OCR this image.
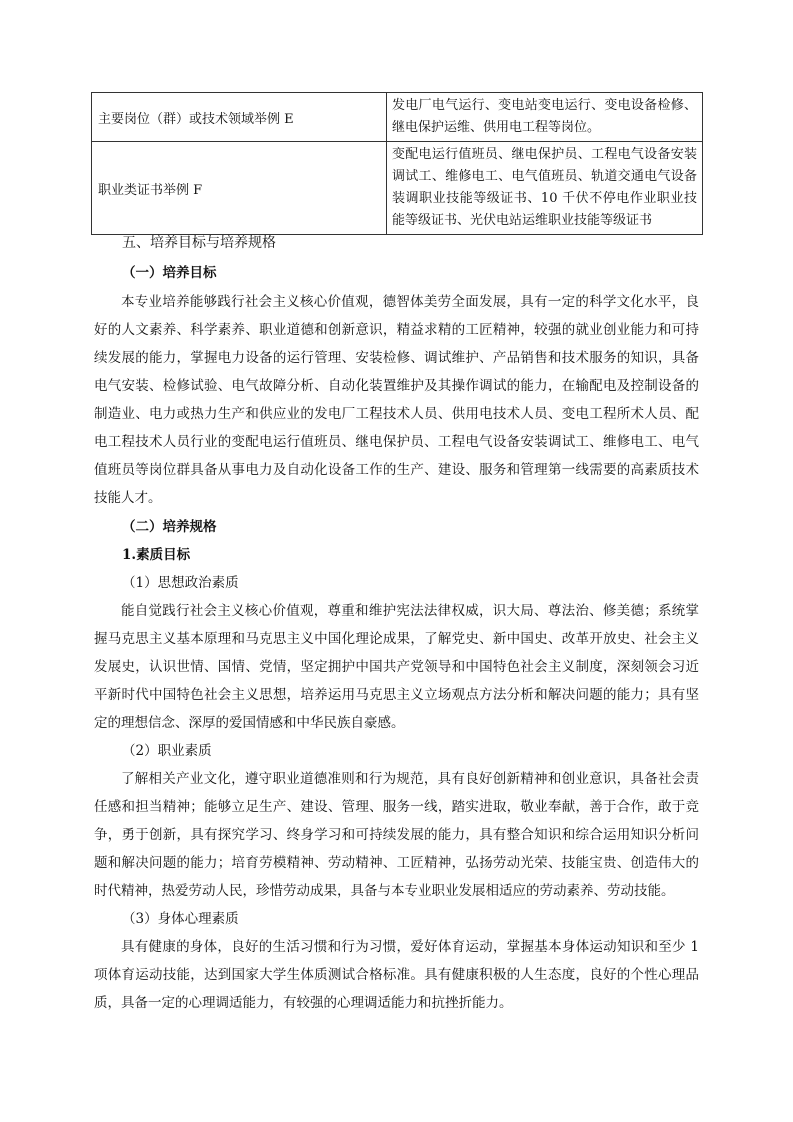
主要岗位（群）或技术领域举例 E	发电厂电气运行、变电站变电运行、变电设备检修、继电保护运维、供用电工程等岗位。
职业类证书举例 F	变配电运行值班员、继电保护员、工程电气设备安装调试工、维修电工、电气值班员、轨道交通电气设备装调职业技能等级证书、10 千伏不停电作业职业技能等级证书、光伏电站运维职业技能等级证书
五、培养目标与培养规格
（一）培养目标

本专业培养能够践行社会主义核心价值观，德智体美劳全面发展，具有一定的科学文化水平，良好的人文素养、科学素养、职业道德和创新意识，精益求精的工匠精神，较强的就业创业能力和可持续发展的能力，掌握电力设备的运行管理、安装检修、调试维护、产品销售和技术服务的知识，具备电气安装、检修试验、电气故障分析、自动化装置维护及其操作调试的能力，在输配电及控制设备的制造业、电力或热力生产和供应业的发电厂工程技术人员、供用电技术人员、变电工程所术人员、配电工程技术人员行业的变配电运行值班员、继电保护员、工程电气设备安装调试工、维修电工、电气值班员等岗位群具备从事电力及自动化设备工作的生产、建设、服务和管理第一线需要的高素质技术技能人才。

（二）培养规格
1.素质目标
（1）思想政治素质

能自觉践行社会主义核心价值观，尊重和维护宪法法律权威，识大局、尊法治、修美德；系统掌握马克思主义基本原理和马克思主义中国化理论成果，了解党史、新中国史、改革开放史、社会主义发展史，认识世情、国情、党情，坚定拥护中国共产党领导和中国特色社会主义制度，深刻领会习近平新时代中国特色社会主义思想，培养运用马克思主义立场观点方法分析和解决问题的能力；具有坚定的理想信念、深厚的爱国情感和中华民族自豪感。

（2）职业素质

了解相关产业文化，遵守职业道德准则和行为规范，具有良好创新精神和创业意识，具备社会责任感和担当精神；能够立足生产、建设、管理、服务一线，踏实进取，敬业奉献，善于合作，敢于竞争，勇于创新，具有探究学习、终身学习和可持续发展的能力，具有整合知识和综合运用知识分析问题和解决问题的能力；培育劳模精神、劳动精神、工匠精神，弘扬劳动光荣、技能宝贵、创造伟大的时代精神，热爱劳动人民，珍惜劳动成果，具备与本专业职业发展相适应的劳动素养、劳动技能。

（3）身体心理素质

具有健康的身体，良好的生活习惯和行为习惯，爱好体育运动，掌握基本身体运动知识和至少 1 项体育运动技能，达到国家大学生体质测试合格标准。具有健康积极的人生态度，良好的个性心理品质，具备一定的心理调适能力，有较强的心理调适能力和抗挫折能力。
